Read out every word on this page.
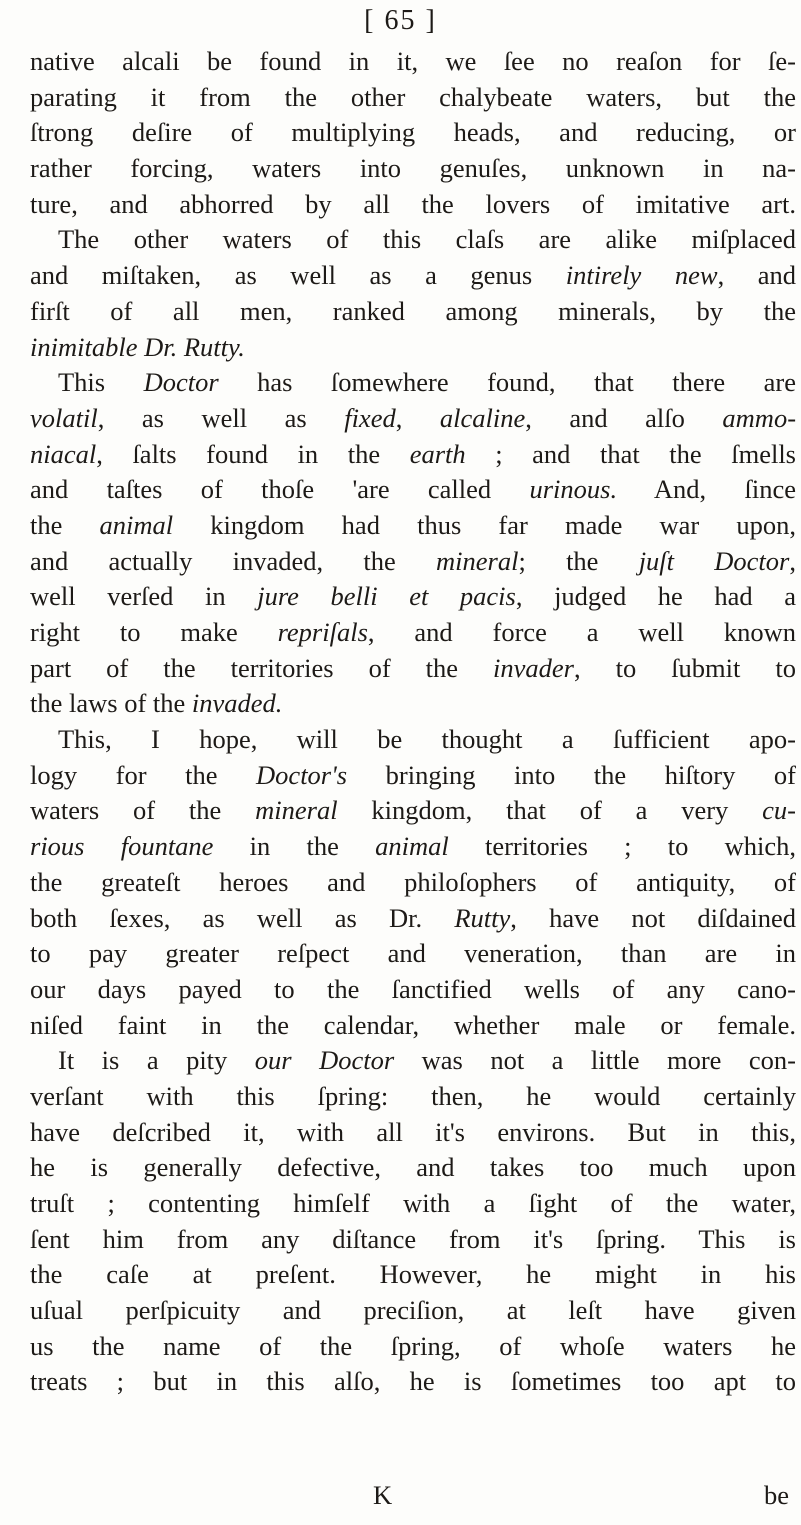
[ 65 ]
native alcali be found in it, we ſee no reaſon for ſe-
parating it from the other chalybeate waters, but the
ſtrong deſire of multiplying heads, and reducing, or
rather forcing, waters into genuſes, unknown in na-
ture, and abhorred by all the lovers of imitative art.
The other waters of this claſs are alike miſplaced
and miſtaken, as well as a genus intirely new, and
firſt of all men, ranked among minerals, by the
inimitable Dr. Rutty.
This Doctor has ſomewhere found, that there are
volatil, as well as fixed, alcaline, and alſo ammo-
niacal, ſalts found in the earth ; and that the ſmells
and taſtes of thoſe 'are called urinous. And, ſince
the animal kingdom had thus far made war upon,
and actually invaded, the mineral; the juſt Doctor,
well verſed in jure belli et pacis, judged he had a
right to make repriſals, and force a well known
part of the territories of the invader, to ſubmit to
the laws of the invaded.
This, I hope, will be thought a ſufficient apo-
logy for the Doctor's bringing into the hiſtory of
waters of the mineral kingdom, that of a very cu-
rious fountane in the animal territories ; to which,
the greateſt heroes and philoſophers of antiquity, of
both ſexes, as well as Dr. Rutty, have not diſdained
to pay greater reſpect and veneration, than are in
our days payed to the ſanctified wells of any cano-
niſed faint in the calendar, whether male or female.
It is a pity our Doctor was not a little more con-
verſant with this ſpring: then, he would certainly
have deſcribed it, with all it's environs. But in this,
he is generally defective, and takes too much upon
truſt ; contenting himſelf with a ſight of the water,
ſent him from any diſtance from it's ſpring. This is
the caſe at preſent. However, he might in his
uſual perſpicuity and preciſion, at leſt have given
us the name of the ſpring, of whoſe waters he
treats ; but in this alſo, he is ſometimes too apt to
K	be
